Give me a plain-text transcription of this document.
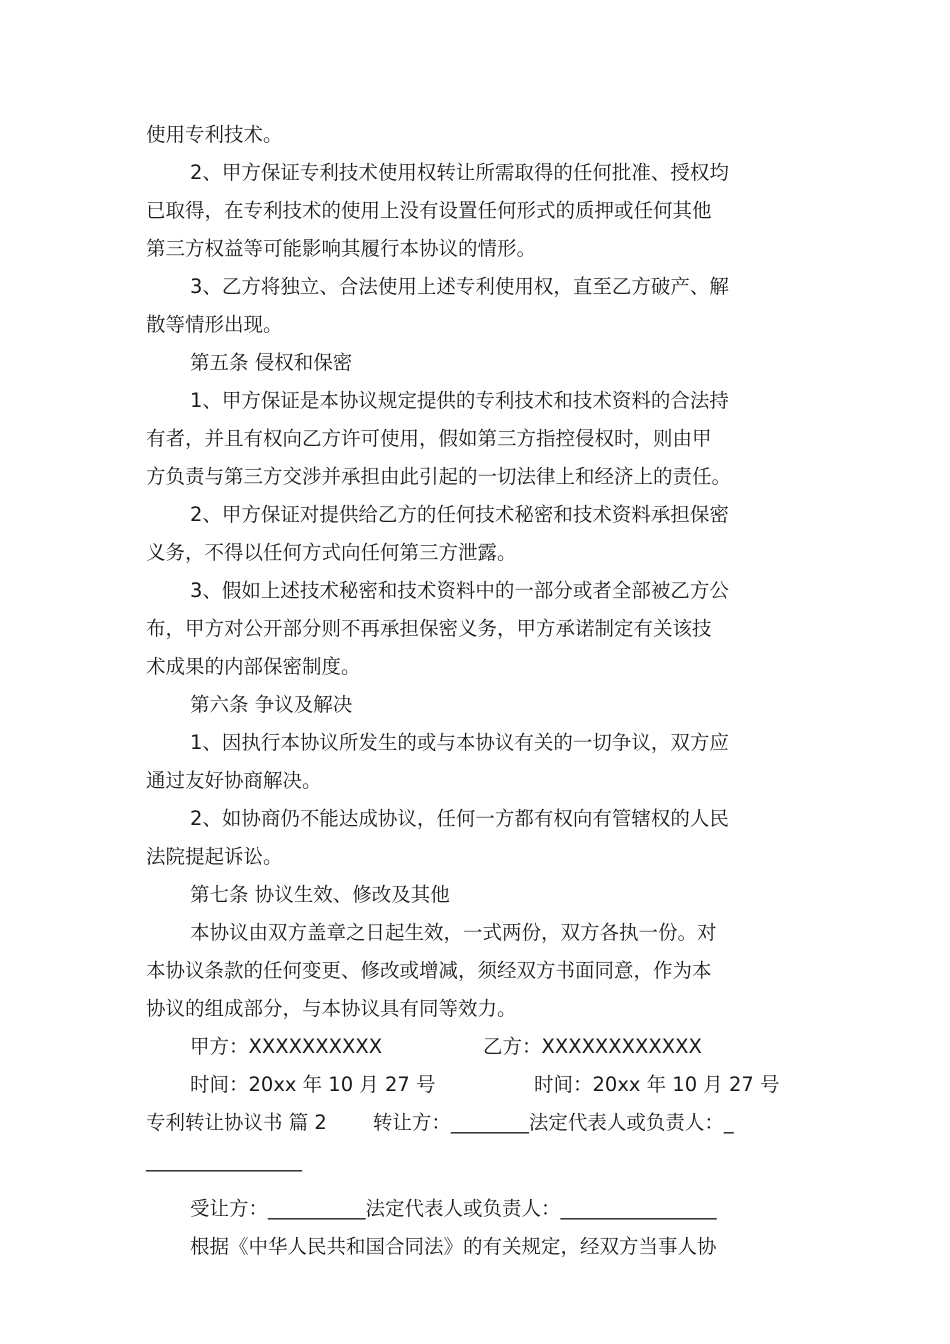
使用专利技术。
2、甲方保证专利技术使用权转让所需取得的任何批准、授权均
已取得，在专利技术的使用上没有设置任何形式的质押或任何其他
第三方权益等可能影响其履行本协议的情形。
3、乙方将独立、合法使用上述专利使用权，直至乙方破产、解
散等情形出现。
第五条 侵权和保密
1、甲方保证是本协议规定提供的专利技术和技术资料的合法持
有者，并且有权向乙方许可使用，假如第三方指控侵权时，则由甲
方负责与第三方交涉并承担由此引起的一切法律上和经济上的责任。
2、甲方保证对提供给乙方的任何技术秘密和技术资料承担保密
义务，不得以任何方式向任何第三方泄露。
3、假如上述技术秘密和技术资料中的一部分或者全部被乙方公
布，甲方对公开部分则不再承担保密义务，甲方承诺制定有关该技
术成果的内部保密制度。
第六条 争议及解决
1、因执行本协议所发生的或与本协议有关的一切争议，双方应
通过友好协商解决。
2、如协商仍不能达成协议，任何一方都有权向有管辖权的人民
法院提起诉讼。
第七条 协议生效、修改及其他
本协议由双方盖章之日起生效，一式两份，双方各执一份。对
本协议条款的任何变更、修改或增减，须经双方书面同意，作为本
协议的组成部分，与本协议具有同等效力。
甲方：XXXXXXXXXX	乙方：XXXXXXXXXXXX
时间：20xx 年 10 月 27 号	时间：20xx 年 10 月 27 号
专利转让协议书 篇 2 转让方：________法定代表人或负责人：_
________________
受让方：__________法定代表人或负责人：________________
根据《中华人民共和国合同法》的有关规定，经双方当事人协
